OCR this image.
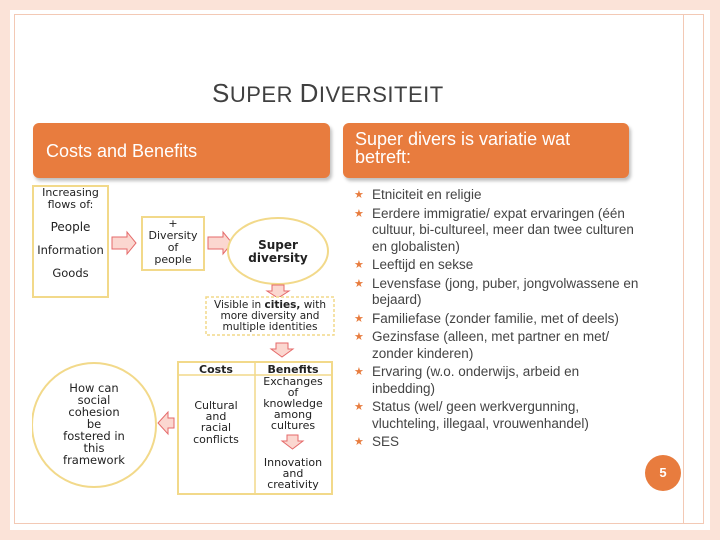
SUPER DIVERSITEIT
Costs and Benefits
Super divers is variatie wat betreft:
Increasing
flows of:
People
Information
Goods
+
Diversity
of
people
Super
diversity
Visible in cities, with
more diversity and
multiple identities
Costs	Benefits
Cultural
and
racial
conflicts
Exchanges
of
knowledge
among
cultures
Innovation
and
creativity
How can
social
cohesion
be
fostered in
this
framework
★ Etniciteit en religie
★ Eerdere immigratie/ expat ervaringen (één cultuur, bi-cultureel, meer dan twee culturen en globalisten)
★ Leeftijd en sekse
★ Levensfase (jong, puber, jongvolwassene en bejaard)
★ Familiefase (zonder familie, met of deels)
★ Gezinsfase (alleen, met partner en met/ zonder kinderen)
★ Ervaring (w.o. onderwijs, arbeid en inbedding)
★ Status (wel/ geen werkvergunning, vluchteling, illegaal, vrouwenhandel)
★ SES
5
